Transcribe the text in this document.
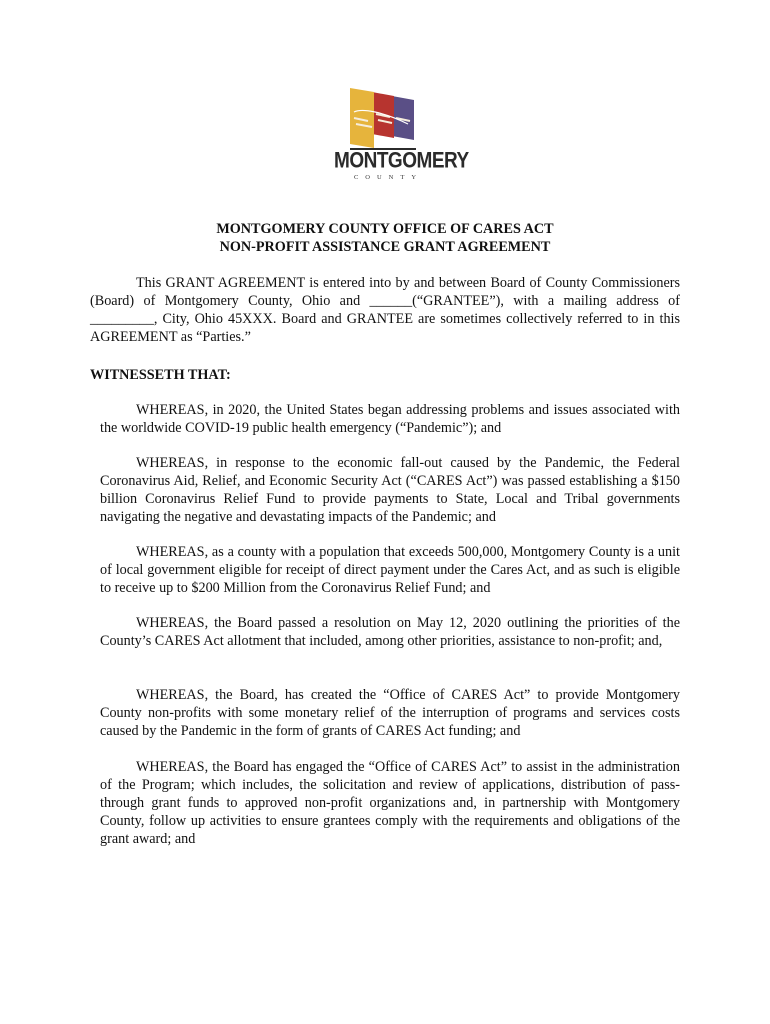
MONTGOMERY
COUNTY
MONTGOMERY COUNTY OFFICE OF CARES ACT
NON-PROFIT ASSISTANCE GRANT AGREEMENT

This GRANT AGREEMENT is entered into by and between Board of County Commissioners (Board) of Montgomery County, Ohio and ______(“GRANTEE”), with a mailing address of _________, City, Ohio 45XXX. Board and GRANTEE are sometimes collectively referred to in this AGREEMENT as “Parties.”

WITNESSETH THAT:

WHEREAS, in 2020, the United States began addressing problems and issues associated with the worldwide COVID-19 public health emergency (“Pandemic”); and

WHEREAS, in response to the economic fall-out caused by the Pandemic, the Federal Coronavirus Aid, Relief, and Economic Security Act (“CARES Act”) was passed establishing a $150 billion Coronavirus Relief Fund to provide payments to State, Local and Tribal governments navigating the negative and devastating impacts of the Pandemic; and

WHEREAS, as a county with a population that exceeds 500,000, Montgomery County is a unit of local government eligible for receipt of direct payment under the Cares Act, and as such is eligible to receive up to $200 Million from the Coronavirus Relief Fund; and

WHEREAS, the Board passed a resolution on May 12, 2020 outlining the priorities of the County’s CARES Act allotment that included, among other priorities, assistance to non-profit; and,

WHEREAS, the Board, has created the “Office of CARES Act” to provide Montgomery County non-profits with some monetary relief of the interruption of programs and services costs caused by the Pandemic in the form of grants of CARES Act funding; and

WHEREAS, the Board has engaged the “Office of CARES Act” to assist in the administration of the Program; which includes, the solicitation and review of applications, distribution of pass-through grant funds to approved non-profit organizations and, in partnership with Montgomery County, follow up activities to ensure grantees comply with the requirements and obligations of the grant award; and
